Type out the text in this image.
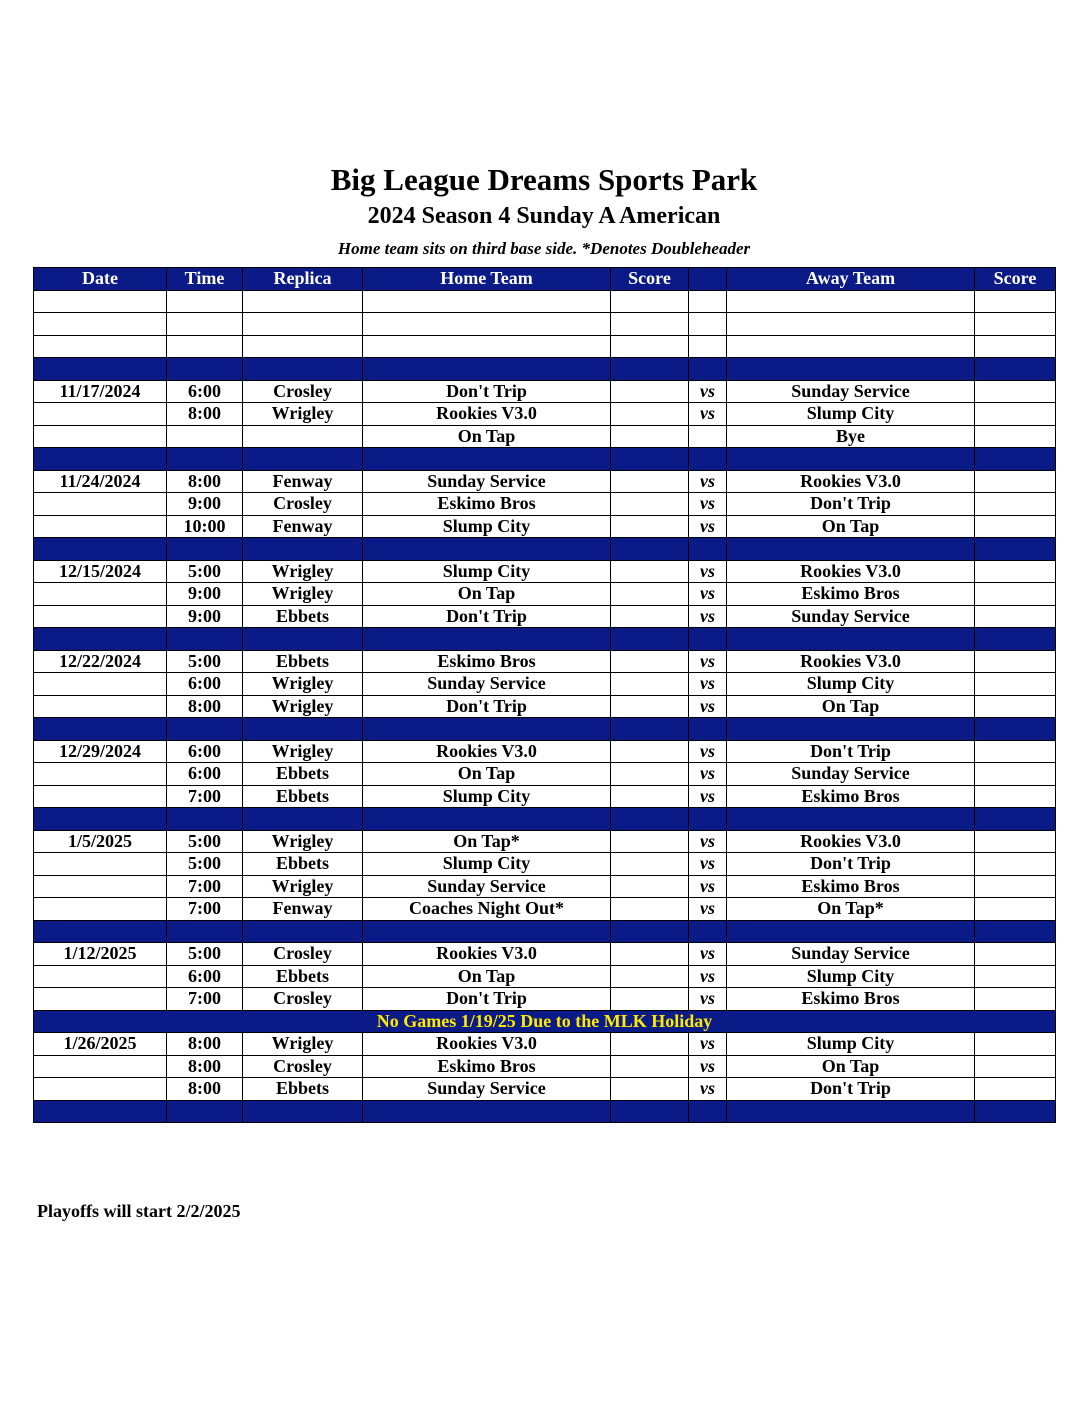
Big League Dreams Sports Park
2024 Season 4 Sunday A American
Home team sits on third base side. *Denotes Doubleheader
Date	Time	Replica	Home Team	Score		Away Team	Score

11/17/2024	6:00	Crosley	Don't Trip		vs	Sunday Service	
	8:00	Wrigley	Rookies V3.0		vs	Slump City	
			On Tap			Bye	

11/24/2024	8:00	Fenway	Sunday Service		vs	Rookies V3.0	
	9:00	Crosley	Eskimo Bros		vs	Don't Trip	
	10:00	Fenway	Slump City		vs	On Tap	

12/15/2024	5:00	Wrigley	Slump City		vs	Rookies V3.0	
	9:00	Wrigley	On Tap		vs	Eskimo Bros	
	9:00	Ebbets	Don't Trip		vs	Sunday Service	

12/22/2024	5:00	Ebbets	Eskimo Bros		vs	Rookies V3.0	
	6:00	Wrigley	Sunday Service		vs	Slump City	
	8:00	Wrigley	Don't Trip		vs	On Tap	

12/29/2024	6:00	Wrigley	Rookies V3.0		vs	Don't Trip	
	6:00	Ebbets	On Tap		vs	Sunday Service	
	7:00	Ebbets	Slump City		vs	Eskimo Bros	

1/5/2025	5:00	Wrigley	On Tap*		vs	Rookies V3.0	
	5:00	Ebbets	Slump City		vs	Don't Trip	
	7:00	Wrigley	Sunday Service		vs	Eskimo Bros	
	7:00	Fenway	Coaches Night Out*		vs	On Tap*	

1/12/2025	5:00	Crosley	Rookies V3.0		vs	Sunday Service	
	6:00	Ebbets	On Tap		vs	Slump City	
	7:00	Crosley	Don't Trip		vs	Eskimo Bros	
No Games 1/19/25 Due to the MLK Holiday							
1/26/2025	8:00	Wrigley	Rookies V3.0		vs	Slump City	
	8:00	Crosley	Eskimo Bros		vs	On Tap	
	8:00	Ebbets	Sunday Service		vs	Don't Trip	

Playoffs will start 2/2/2025
